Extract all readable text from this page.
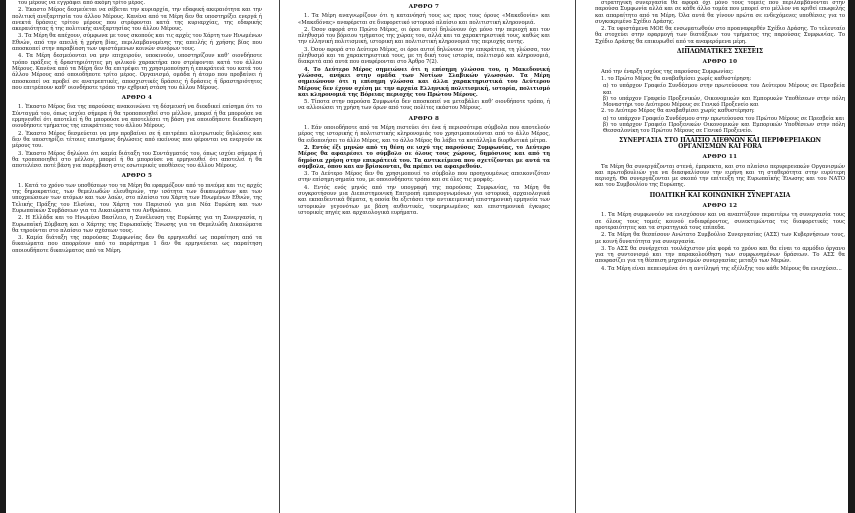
του μέρους να εγγράφει από ακόμη τρίτο μέρος.

2. Έκαστο Μέρος δεσμεύεται να σέβεται την κυριαρχία, την εδαφική ακεραιότητα και την πολιτική ανεξαρτησία του άλλου Μέρους. Κανένα από τα Μέρη δεν θα υποστηρίξει ενεργά ή ανεκτά δράσεις τρίτου μέρους που στρέφονται κατά της κυριαρχίας, της εδαφικής ακεραιότητας ή της πολιτικής ανεξαρτησίας του άλλου Μέρους.

3. Τα Μέρη θα απέχουν, σύμφωνα με τους σκοπούς και τις αρχές του Χάρτη των Ηνωμένων Εθνών, από την απειλή ή χρήση βίας, περιλαμβανομένης της απειλής ή χρήσης βίας που αποσκοπεί στην παραβίαση των υφιστάμενων κοινών συνόρων τους.

4. Τα Μέρη δεσμεύονται να μην επιχειρούν, υποκινούν, υποστηρίζουν καθ’ οιονδήποτε τρόπο πράξεις ή δραστηριότητες μη φιλικού χαρακτήρα που στρέφονται κατά του άλλου Μέρους. Κανένα από τα Μέρη δεν θα επιτρέψει τη χρησιμοποίηση ή επικράτειά του κατά του άλλου Μέρους από οποιοδήποτε τρίτο μέρος. Οργανισμό, ομάδα ή άτομο που προβαίνει ή αποσκοπεί να προβεί σε ανατρεπτικές, αποσχιστικές δράσεις ή δράσεις ή δραστηριότητες που επιτρέπουν καθ’ οιονδήποτε τρόπο την εχθρική στάση του άλλου Μέρους.

ΑΡΘΡΟ 4

1. Έκαστο Μέρος δια της παρούσας ανακοινώνει τη δέσμευσή να διεκδικεί επίσημα ότι το Σύνταγμά του, όπως ισχύει σήμερα ή θα τροποποιηθεί στο μέλλον, μπορεί ή θα μπορούσε να ερμηνευθεί ότι αποτελεί ή θα μπορούσε να αποτελέσει τη βάση για οποιοδήποτε διεκδίκηση οιουδήποτε τμήματος της επικράτειας του άλλου Μέρους.

2. Έκαστο Μέρος δεσμεύεται να μην προβαίνει σε ή επιτρέπει αλυτρωτικές δηλώσεις και δεν θα υποστηρίζει τέτοιες επισήμους δηλώσεις από εκείνους που φέρονται να ενεργούν εκ μέρους του.

3. Έκαστο Μέρος δηλώνει ότι καμία διάταξη του Συντάγματός του, όπως ισχύει σήμερα ή θα τροποποιηθεί στο μέλλον, μπορεί ή θα μπορούσε να ερμηνευθεί ότι αποτελεί ή θα αποτελέσει ποτέ βάση για παρέμβαση στις εσωτερικές υποθέσεις του άλλου Μέρους.

ΑΡΘΡΟ 5

1. Κατά το χρόνο των υποθέσεων του τα Μέρη θα εφαρμόζουν από το πνεύμα και τις αρχές της δημοκρατίας, των θεμελιωδών ελευθεριών, την ισότητα των δικαιωμάτων και των υποχρεώσεων των ατόμων και των λαών, στο πλαίσιο του Χάρτη των Ηνωμένων Εθνών, της Τελικής Πράξης του Ελσίνκι, του Χάρτη του Παρισιού για μια Νέα Ευρώπη και των Ευρωπαϊκών Συμβάσεων για τα Δικαιώματα του Ανθρώπου.

2. Η Ελλάδα και το Ηνωμένο Βασίλειο, η Συνέλευση της Ευρώπης για τη Συνεργασία, η Ευρωπαϊκή Σύμβαση και ο Χάρτης της Ευρωπαϊκής Ένωσης για τα Θεμελιώδη Δικαιώματα θα τηρούνται στο πλαίσιο των σχέσεων τους.

3. Καμία διάταξη της παρούσας Συμφωνίας δεν θα ερμηνευθεί ως παραίτηση από τα δικαιώματα που απορρέουν από το παράρτημα 1 δεν θα ερμηνεύεται ως παραίτηση οποιουδήποτε δικαιώματος από τα Μέρη.

ΑΡΘΡΟ 7

1. Τα Μέρη αναγνωρίζουν ότι η κατανόησή τους ως προς τους όρους «Μακεδονία» και «Μακεδόνας» αναφέρεται σε διαφορετικό ιστορικό πλαίσιο και πολιτιστική κληρονομιά.

2. Όσον αφορά στο Πρώτο Μέρος, οι όροι αυτοί δηλώνουν όχι μόνο την περιοχή και τον πληθυσμό του βόρειου τμήματος της χώρας του, αλλά και τα χαρακτηριστικά τους, καθώς και την ελληνική πολιτισμική, ιστορική και πολιτιστική κληρονομιά της περιοχής αυτής.

3. Όσον αφορά στο Δεύτερο Μέρος, οι όροι αυτοί δηλώνουν την επικράτεια, τη γλώσσα, τον πληθυσμό και τα χαρακτηριστικά τους, με τη δική τους ιστορία, πολιτισμό και κληρονομιά, διακριτά από αυτά που αναφέρονται στο Άρθρο 7(2).

4. Το Δεύτερο Μέρος σημειώνει ότι η επίσημη γλώσσα του, η Μακεδονική γλώσσα, ανήκει στην ομάδα των Νοτίων Σλαβικών γλωσσών. Τα Μέρη σημειώνουν ότι η επίσημη γλώσσα και άλλα χαρακτηριστικά του Δεύτερου Μέρους δεν έχουν σχέση με την αρχαία Ελληνική πολιτισμική, ιστορία, πολιτισμό και κληρονομιά της Βόρειας περιοχής του Πρώτου Μέρους.

5. Τίποτα στην παρούσα Συμφωνία δεν αποσκοπεί να μεταβάλει καθ’ οιονδήποτε τρόπο, ή να αλλοιώσει τη χρήση των όρων από τους πολίτες εκάστου Μέρους.

ΑΡΘΡΟ 8

1. Εάν οποιοδήποτε από τα Μέρη πιστεύει ότι ένα ή περισσότερα σύμβολα που αποτελούν μέρος της ιστορικής ή πολιτιστικής κληρονομιάς του χρησιμοποιούνται από το άλλο Μέρος, θα ειδοποιήσει το άλλο Μέρος, και το άλλο Μέρος θα λάβει τα κατάλληλα διορθωτικά μέτρα.

2. Εντός έξι μηνών από τη θέση σε ισχύ της παρούσας Συμφωνίας, το Δεύτερο Μέρος θα αφαιρέσει το σύμβολο σε όλους τους χώρους, δημόσιους και από τη δημόσια χρήση στην επικράτειά του. Τα αντικείμενα που σχετίζονται με αυτά τα σύμβολα, όπου και αν βρίσκονται, θα πρέπει να αφαιρεθούν.

3. Το Δεύτερο Μέρος δεν θα χρησιμοποιεί το σύμβολο που προηγουμένως απεικονιζόταν στην επίσημη σημαία του, με οποιονδήποτε τρόπο και σε όλες τις μορφές.

4. Εντός ενός μηνός από την υπογραφή της παρούσας Συμφωνίας, τα Μέρη θα συγκροτήσουν μια Διεπιστημονική Επιτροπή εμπειρογνωμόνων για ιστορικά, αρχαιολογικά και εκπαιδευτικά θέματα, η οποία θα εξετάσει την αντικειμενική επιστημονική ερμηνεία των ιστορικών γεγονότων με βάση αυθεντικές, τεκμηριωμένες και επιστημονικά έγκυρες ιστορικές πηγές και αρχαιολογικά ευρήματα.

στρατηγική συνεργασία θα αφορά όχι μόνο τους τομείς που περιλαμβάνονται στην παρούσα Συμφωνία αλλά και σε κάθε άλλο τομέα που μπορεί στο μέλλον να κριθεί επωφελής και απαραίτητο από τα Μέρη. Όλα αυτά θα γίνουν πρώτα σε ενδεχόμενες υποθέσεις για το συγκεκριμένο Σχέδιο Δράσης.

2. Τα υφιστάμενα ΜΟΕ θα ενσωματωθούν στο προαναφερθέν Σχέδιο Δράσης. Το τελευταίο θα στοχεύει στην εφαρμογή των διατάξεων του τμήματος της παρούσας Συμφωνίας. Το Σχέδιο Δράσης θα επικυρωθεί από τα αναφερόμενα μέρη.

ΔΙΠΛΩΜΑΤΙΚΕΣ ΣΧΕΣΕΙΣ
ΑΡΘΡΟ 10

Από την έναρξη ισχύος της παρούσας Συμφωνίας:

1. το Πρώτο Μέρος θα αναβαθμίσει χωρίς καθυστέρηση:

α) το υπάρχον Γραφείο Συνδέσμου στην πρωτεύουσα του Δεύτερου Μέρους σε Πρεσβεία και

β) το υπάρχον Γραφείο Προξενικών, Οικονομικών και Εμπορικών Υποθέσεων στην πόλη Μοναστήρι του Δεύτερου Μέρους σε Γενικό Προξενείο και

2. το Δεύτερο Μέρος θα αναβαθμίσει χωρίς καθυστέρηση:

α) το υπάρχον Γραφείο Συνδέσμου στην πρωτεύουσα του Πρώτου Μέρους σε Πρεσβεία και

β) το υπάρχον Γραφείο Προξενικών Οικονομικών και Εμπορικών Υποθέσεων στην πόλη Θεσσαλονίκη του Πρώτου Μέρους σε Γενικό Προξενείο.

ΣΥΝΕΡΓΑΣΙΑ ΣΤΟ ΠΛΑΙΣΙΟ ΔΙΕΘΝΩΝ ΚΑΙ ΠΕΡΙΦΕΡΕΙΑΚΩΝ ΟΡΓΑΝΙΣΜΩΝ ΚΑΙ FORA
ΑΡΘΡΟ 11

Τα Μέρη θα συνεργάζονται στενά, έμπρακτα, και στο πλαίσιο περιφερειακών Οργανισμών και πρωτοβουλιών για να διασφαλίσουν την ειρήνη και τη σταθερότητα στην ευρύτερη περιοχή. Θα συνεργάζονται με σκοπό την επίτευξη της Ευρωπαϊκής Ένωσης και του ΝΑΤΟ και του Συμβουλίου της Ευρώπης.

ΠΟΛΙΤΙΚΗ ΚΑΙ ΚΟΙΝΩΝΙΚΗ ΣΥΝΕΡΓΑΣΙΑ
ΑΡΘΡΟ 12

1. Τα Μέρη συμφωνούν να ενισχύσουν και να αναπτύξουν περαιτέρω τη συνεργασία τους σε όλους τους τομείς κοινού ενδιαφέροντος, συνεκτιμώντας τις διαφορετικές τους προτεραιότητες και τα στρατηγικά τους επίπεδα.

2. Τα Μέρη θα θεσπίσουν Ανώτατο Συμβούλιο Συνεργασίας (ΑΣΣ) των Κυβερνήσεων τους, με κοινή δυνατότητα για συνεργασία.

3. Το ΑΣΣ θα συνέρχεται τουλάχιστον μία φορά το χρόνο και θα είναι το αρμόδιο όργανο για τη συντονισμό και την παρακολούθηση των συμφωνημένων δράσεων. Το ΑΣΣ θα αποφασίζει για τη θέσπιση μηχανισμών συνεργασίας μεταξύ των Μερών.

4. Τα Μέρη είναι πεπεισμένα ότι η αντίληψή της εξέλιξης του κάθε Μέρους θα ενισχύσει...
